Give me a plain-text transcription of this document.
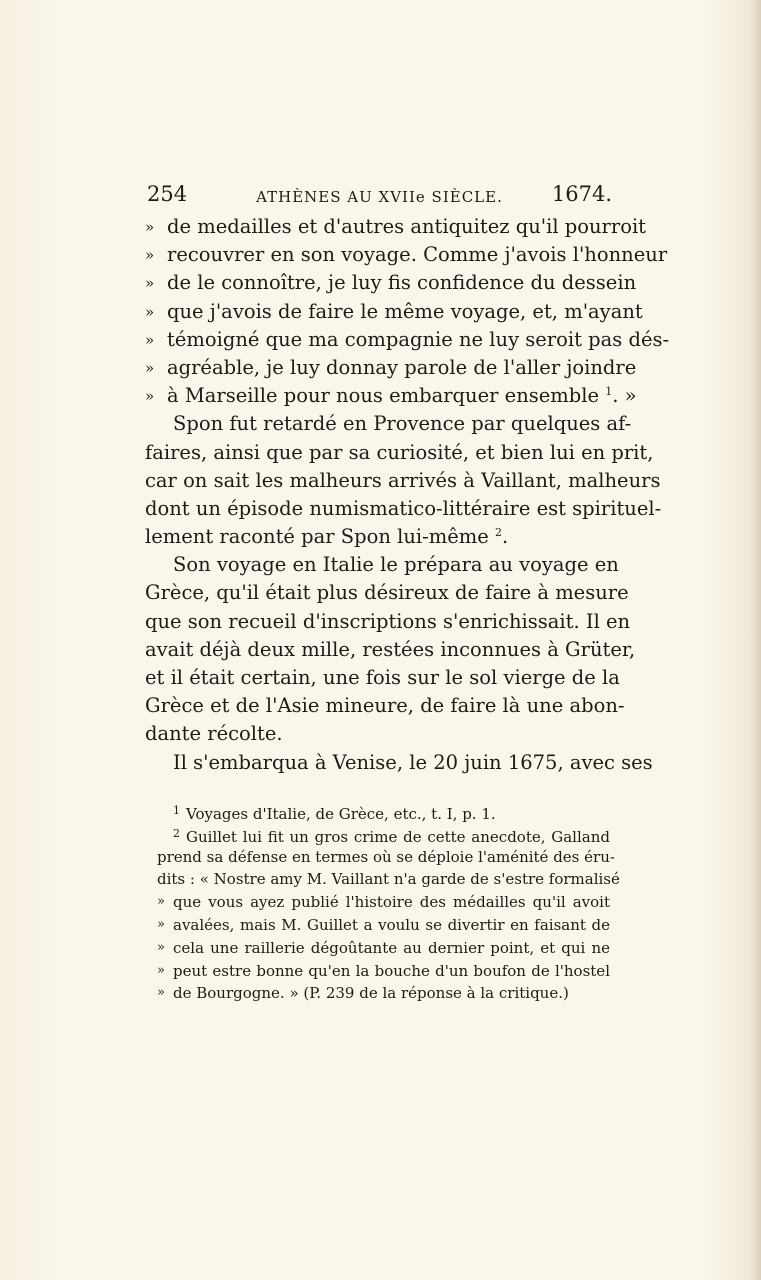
254	ATHÈNES AU XVIIe SIÈCLE.	1674.
» de medailles et d'autres antiquitez qu'il pourroit
» recouvrer en son voyage. Comme j'avois l'honneur
» de le connoître, je luy fis confidence du dessein
» que j'avois de faire le même voyage, et, m'ayant
» témoigné que ma compagnie ne luy seroit pas dés-
» agréable, je luy donnay parole de l'aller joindre
» à Marseille pour nous embarquer ensemble $^1$. »
Spon fut retardé en Provence par quelques af-
faires, ainsi que par sa curiosité, et bien lui en prit,
car on sait les malheurs arrivés à Vaillant, malheurs
dont un épisode numismatico-littéraire est spirituel-
lement raconté par Spon lui-même $^2$.
Son voyage en Italie le prépara au voyage en
Grèce, qu'il était plus désireux de faire à mesure
que son recueil d'inscriptions s'enrichissait. Il en
avait déjà deux mille, restées inconnues à Grüter,
et il était certain, une fois sur le sol vierge de la
Grèce et de l'Asie mineure, de faire là une abon-
dante récolte.
Il s'embarqua à Venise, le 20 juin 1675, avec ses
$^1$ Voyages d'Italie, de Grèce, etc., t. I, p. 1.
$^2$ Guillet lui fit un gros crime de cette anecdote, Galland
prend sa défense en termes où se déploie l'aménité des éru-
dits : « Nostre amy M. Vaillant n'a garde de s'estre formalisé
» que vous ayez publié l'histoire des médailles qu'il avoit
» avalées, mais M. Guillet a voulu se divertir en faisant de
» cela une raillerie dégoûtante au dernier point, et qui ne
» peut estre bonne qu'en la bouche d'un boufon de l'hostel
» de Bourgogne. » (P. 239 de la réponse à la critique.)
